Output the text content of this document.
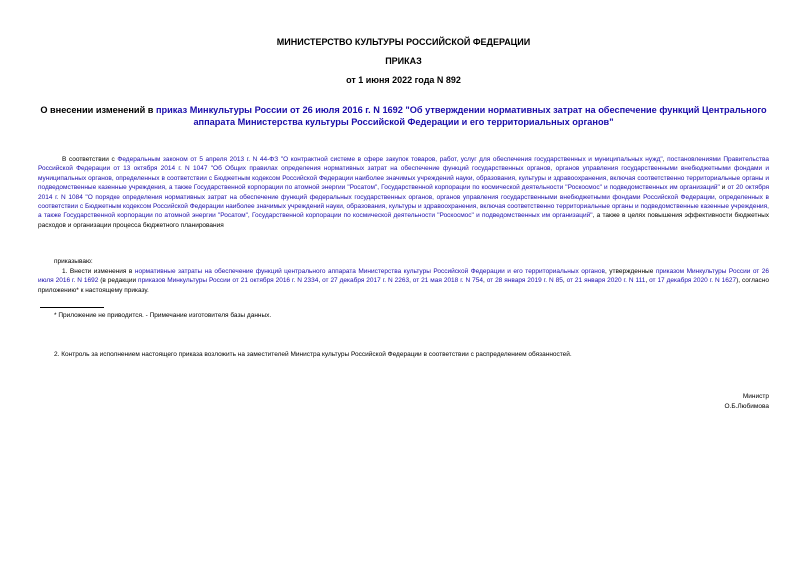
МИНИСТЕРСТВО КУЛЬТУРЫ РОССИЙСКОЙ ФЕДЕРАЦИИ
ПРИКАЗ
от 1 июня 2022 года N 892
О внесении изменений в приказ Минкультуры России от 26 июля 2016 г. N 1692 "Об утверждении нормативных затрат на обеспечение функций Центрального аппарата Министерства культуры Российской Федерации и его территориальных органов"
В соответствии с Федеральным законом от 5 апреля 2013 г. N 44-ФЗ "О контрактной системе в сфере закупок товаров, работ, услуг для обеспечения государственных и муниципальных нужд", постановлениями Правительства Российской Федерации от 13 октября 2014 г. N 1047 "Об Общих правилах определения нормативных затрат на обеспечение функций государственных органов, органов управления государственными внебюджетными фондами и муниципальных органов, определенных в соответствии с Бюджетным кодексом Российской Федерации наиболее значимых учреждений науки, образования, культуры и здравоохранения, включая соответственно территориальные органы и подведомственные казенные учреждения, а также Государственной корпорации по атомной энергии "Росатом", Государственной корпорации по космической деятельности "Роскосмос" и подведомственных им организаций" и от 20 октября 2014 г. N 1084 "О порядке определения нормативных затрат на обеспечение функций федеральных государственных органов, органов управления государственными внебюджетными фондами Российской Федерации, определенных в соответствии с Бюджетным кодексом Российской Федерации наиболее значимых учреждений науки, образования, культуры и здравоохранения, включая соответственно территориальные органы и подведомственные казенные учреждения, а также Государственной корпорации по атомной энергии "Росатом", Государственной корпорации по космической деятельности "Роскосмос" и подведомственных им организаций", а также в целях повышения эффективности бюджетных расходов и организации процесса бюджетного планирования
приказываю:
1. Внести изменения в нормативные затраты на обеспечение функций центрального аппарата Министерства культуры Российской Федерации и его территориальных органов, утвержденные приказом Минкультуры России от 26 июля 2016 г. N 1692 (в редакции приказов Минкультуры России от 21 октября 2016 г. N 2334, от 27 декабря 2017 г. N 2263, от 21 мая 2018 г. N 754, от 28 января 2019 г. N 85, от 21 января 2020 г. N 111, от 17 декабря 2020 г. N 1627), согласно приложению* к настоящему приказу.
* Приложение не приводится. - Примечание изготовителя базы данных.
2. Контроль за исполнением настоящего приказа возложить на заместителей Министра культуры Российской Федерации в соответствии с распределением обязанностей.
Министр
О.Б.Любимова
